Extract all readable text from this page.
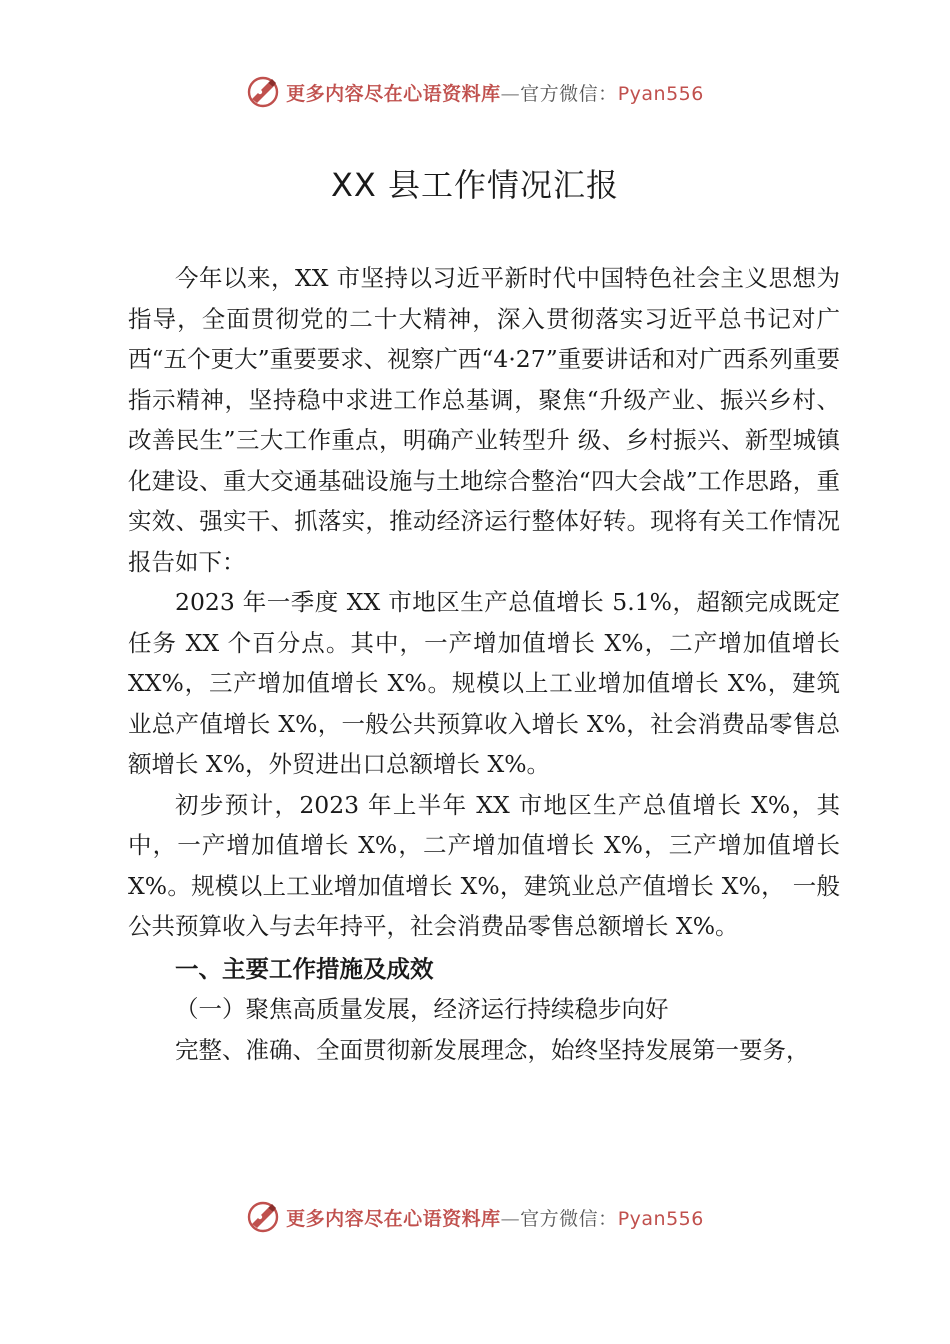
更多内容尽在心语资料库—官方微信：Pyan556
XX 县工作情况汇报

今年以来，XX 市坚持以习近平新时代中国特色社会主义思想为指导，全面贯彻党的二十大精神，深入贯彻落实习近平总书记对广西“五个更大”重要要求、视察广西“4·27”重要讲话和对广西系列重要指示精神，坚持稳中求进工作总基调，聚焦“升级产业、振兴乡村、改善民生”三大工作重点，明确产业转型升 级、乡村振兴、新型城镇化建设、重大交通基础设施与土地综合整治“四大会战”工作思路，重实效、强实干、抓落实，推动经济运行整体好转。现将有关工作情况报告如下：

2023 年一季度 XX 市地区生产总值增长 5.1%，超额完成既定任务 XX 个百分点。其中，一产增加值增长 X%，二产增加值增长 XX%，三产增加值增长 X%。规模以上工业增加值增长 X%，建筑业总产值增长 X%，一般公共预算收入增长 X%，社会消费品零售总额增长 X%，外贸进出口总额增长 X%。

初步预计，2023 年上半年 XX 市地区生产总值增长 X%，其中，一产增加值增长 X%，二产增加值增长 X%，三产增加值增长 X%。规模以上工业增加值增长 X%，建筑业总产值增长 X%， 一般公共预算收入与去年持平，社会消费品零售总额增长 X%。

一、主要工作措施及成效

（一）聚焦高质量发展，经济运行持续稳步向好

完整、准确、全面贯彻新发展理念，始终坚持发展第一要务，

更多内容尽在心语资料库—官方微信：Pyan556
